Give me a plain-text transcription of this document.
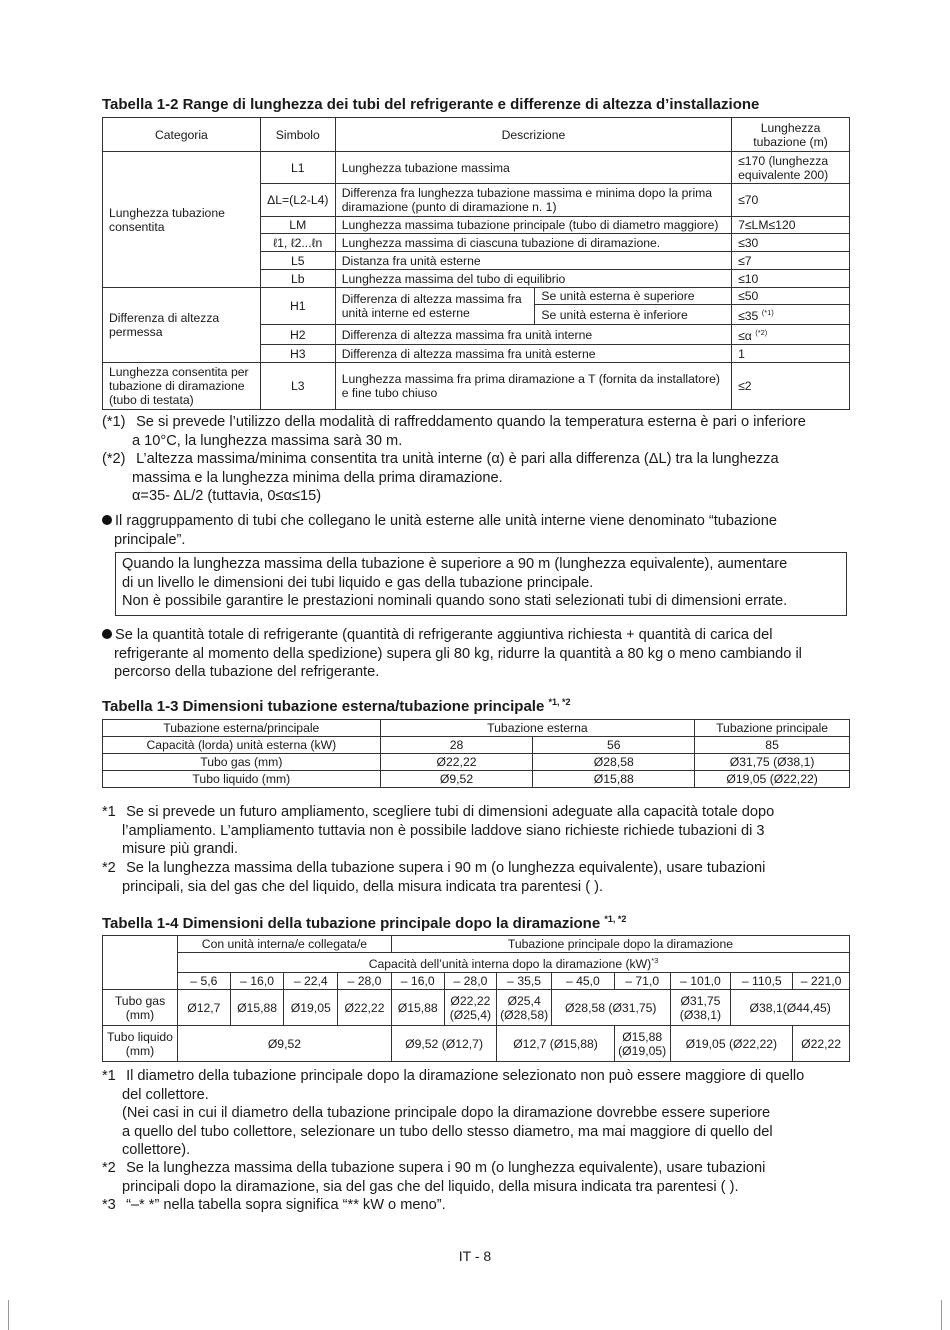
Tabella 1-2 Range di lunghezza dei tubi del refrigerante e differenze di altezza d’installazione
Categoria	Simbolo	Descrizione		Lunghezza tubazione (m)
Lunghezza tubazione consentita	L1	Lunghezza tubazione massima		≤170 (lunghezza equivalente 200)
	ΔL=(L2-L4)	Differenza fra lunghezza tubazione massima e minima dopo la prima diramazione (punto di diramazione n. 1)		≤70
	LM	Lunghezza massima tubazione principale (tubo di diametro maggiore)		7≤LM≤120
	ℓ1, ℓ2...ℓn	Lunghezza massima di ciascuna tubazione di diramazione.		≤30
	L5	Distanza fra unità esterne		≤7
	Lb	Lunghezza massima del tubo di equilibrio		≤10
Differenza di altezza permessa	H1	Differenza di altezza massima fra unità interne ed esterne	Se unità esterna è superiore	≤50
			Se unità esterna è inferiore	≤35 $^{(*1)}$
	H2	Differenza di altezza massima fra unità interne		≤α $^{(*2)}$
	H3	Differenza di altezza massima fra unità esterne		1
Lunghezza consentita per tubazione di diramazione (tubo di testata)	L3	Lunghezza massima fra prima diramazione a T (fornita da installatore) e fine tubo chiuso		≤2
(*1) Se si prevede l’utilizzo della modalità di raffreddamento quando la temperatura esterna è pari o inferiore
a 10°C, la lunghezza massima sarà 30 m.
(*2) L’altezza massima/minima consentita tra unità interne (α) è pari alla differenza (ΔL) tra la lunghezza
massima e la lunghezza minima della prima diramazione.
α=35- ΔL/2 (tuttavia, 0≤α≤15)
Il raggruppamento di tubi che collegano le unità esterne alle unità interne viene denominato “tubazione
principale”.
Quando la lunghezza massima della tubazione è superiore a 90 m (lunghezza equivalente), aumentare
di un livello le dimensioni dei tubi liquido e gas della tubazione principale.
Non è possibile garantire le prestazioni nominali quando sono stati selezionati tubi di dimensioni errate.
Se la quantità totale di refrigerante (quantità di refrigerante aggiuntiva richiesta + quantità di carica del
refrigerante al momento della spedizione) supera gli 80 kg, ridurre la quantità a 80 kg o meno cambiando il
percorso della tubazione del refrigerante.
Tabella 1-3 Dimensioni tubazione esterna/tubazione principale $^{*1, *2}$
Tubazione esterna/principale	Tubazione esterna		Tubazione principale
Capacità (lorda) unità esterna (kW)	28	56	85
Tubo gas (mm)	Ø22,22	Ø28,58	Ø31,75 (Ø38,1)
Tubo liquido (mm)	Ø9,52	Ø15,88	Ø19,05 (Ø22,22)
*1 Se si prevede un futuro ampliamento, scegliere tubi di dimensioni adeguate alla capacità totale dopo
l’ampliamento. L’ampliamento tuttavia non è possibile laddove siano richieste richiede tubazioni di 3
misure più grandi.
*2 Se la lunghezza massima della tubazione supera i 90 m (o lunghezza equivalente), usare tubazioni
principali, sia del gas che del liquido, della misura indicata tra parentesi ( ).
Tabella 1-4 Dimensioni della tubazione principale dopo la diramazione $^{*1, *2}$
	Con unità interna/e collegata/e				Tubazione principale dopo la diramazione							
	Capacità dell’unità interna dopo la diramazione (kW)$^{*3}$
	– 5,6	– 16,0	– 22,4	– 28,0	– 16,0	– 28,0	– 35,5	– 45,0	– 71,0	– 101,0	– 110,5	– 221,0
Tubo gas (mm)	Ø12,7	Ø15,88	Ø19,05	Ø22,22	Ø15,88	Ø22,22 (Ø25,4)	Ø25,4 (Ø28,58)	Ø28,58 (Ø31,75)		Ø31,75 (Ø38,1)	Ø38,1(Ø44,45)	
Tubo liquido (mm)	Ø9,52				Ø9,52 (Ø12,7)		Ø12,7 (Ø15,88)		Ø15,88 (Ø19,05)	Ø19,05 (Ø22,22)		Ø22,22
*1 Il diametro della tubazione principale dopo la diramazione selezionato non può essere maggiore di quello
del collettore.
(Nei casi in cui il diametro della tubazione principale dopo la diramazione dovrebbe essere superiore
a quello del tubo collettore, selezionare un tubo dello stesso diametro, ma mai maggiore di quello del
collettore).
*2 Se la lunghezza massima della tubazione supera i 90 m (o lunghezza equivalente), usare tubazioni
principali dopo la diramazione, sia del gas che del liquido, della misura indicata tra parentesi ( ).
*3 “–* *” nella tabella sopra significa “** kW o meno”.
IT - 8
